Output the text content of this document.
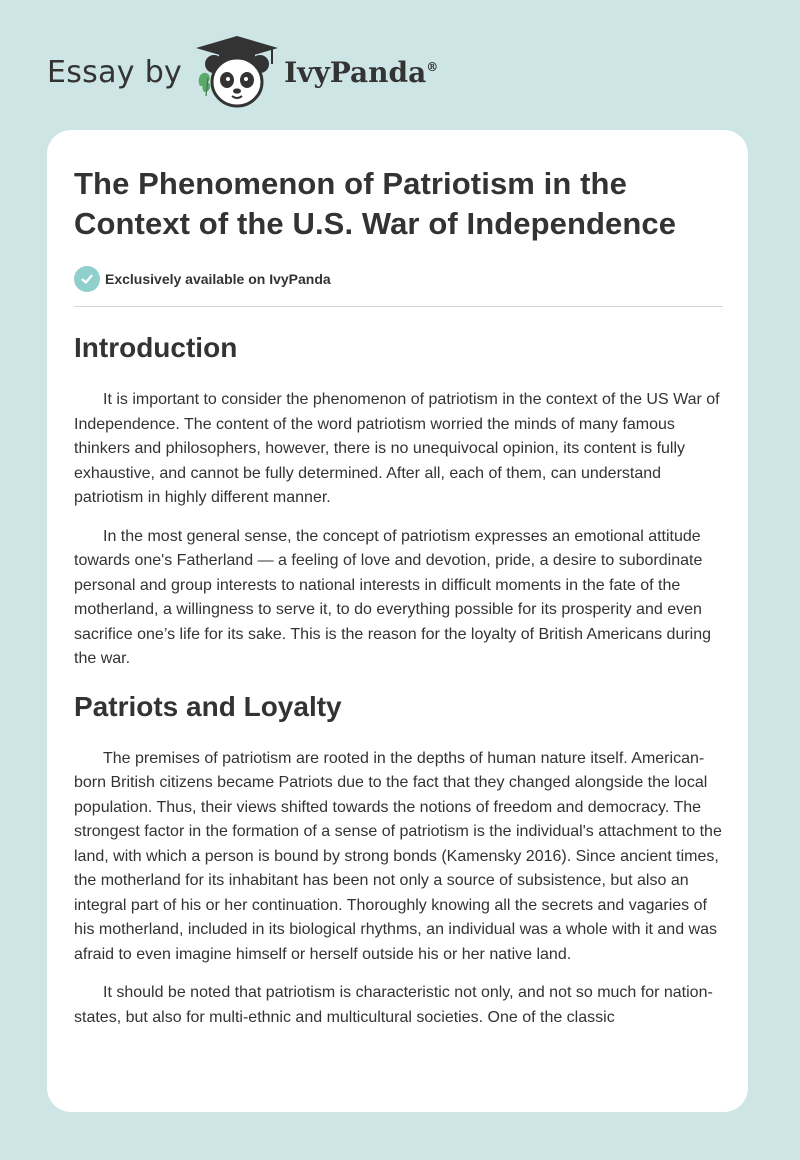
Essay by	IvyPanda®
The Phenomenon of Patriotism in the
Context of the U.S. War of Independence
Exclusively available on IvyPanda
Introduction

It is important to consider the phenomenon of patriotism in the context of the US War of Independence. The content of the word patriotism worried the minds of many famous thinkers and philosophers, however, there is no unequivocal opinion, its content is fully exhaustive, and cannot be fully determined. After all, each of them, can understand patriotism in highly different manner.

In the most general sense, the concept of patriotism expresses an emotional attitude towards one's Fatherland — a feeling of love and devotion, pride, a desire to subordinate personal and group interests to national interests in difficult moments in the fate of the motherland, a willingness to serve it, to do everything possible for its prosperity and even sacrifice one’s life for its sake. This is the reason for the loyalty of British Americans during the war.

Patriots and Loyalty

The premises of patriotism are rooted in the depths of human nature itself. American-born British citizens became Patriots due to the fact that they changed alongside the local population. Thus, their views shifted towards the notions of freedom and democracy. The strongest factor in the formation of a sense of patriotism is the individual's attachment to the land, with which a person is bound by strong bonds (Kamensky 2016). Since ancient times, the motherland for its inhabitant has been not only a source of subsistence, but also an integral part of his or her continuation. Thoroughly knowing all the secrets and vagaries of his motherland, included in its biological rhythms, an individual was a whole with it and was afraid to even imagine himself or herself outside his or her native land.

It should be noted that patriotism is characteristic not only, and not so much for nation-states, but also for multi-ethnic and multicultural societies. One of the classic
